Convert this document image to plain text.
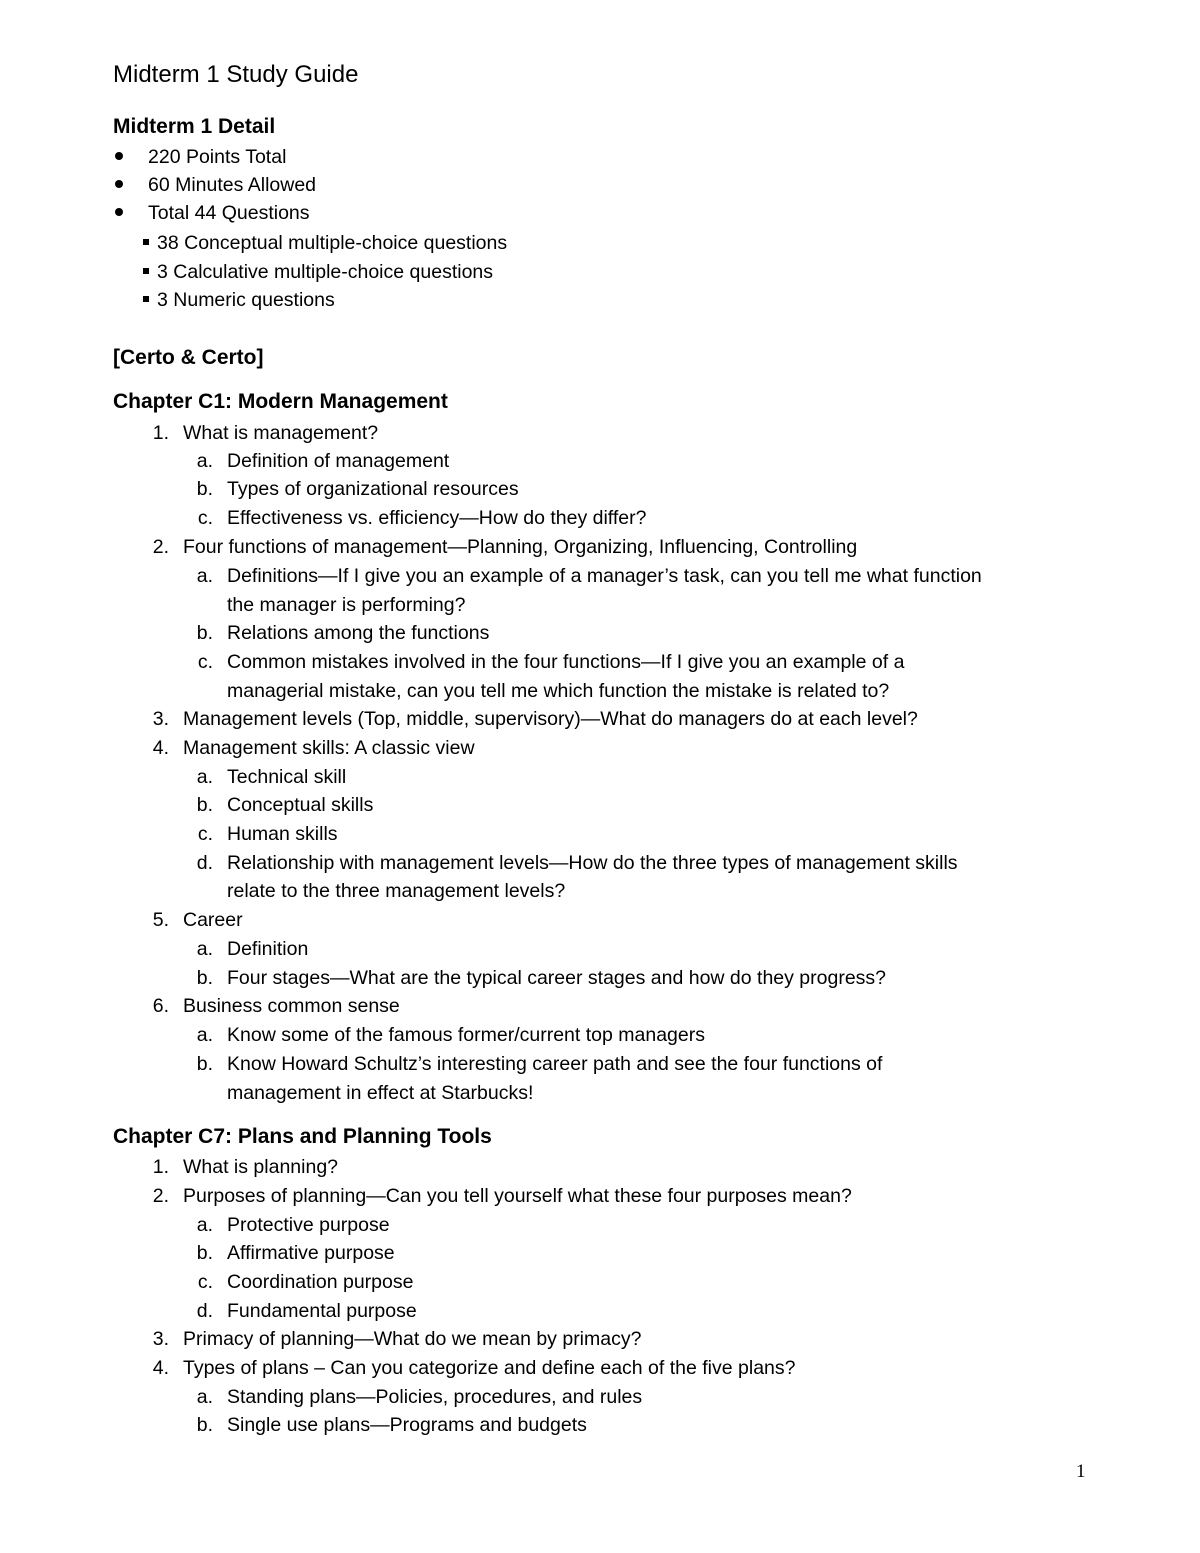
Midterm 1 Study Guide
Midterm 1 Detail
220 Points Total
60 Minutes Allowed
Total 44 Questions
38 Conceptual multiple-choice questions
3 Calculative multiple-choice questions
3 Numeric questions
[Certo & Certo]
Chapter C1: Modern Management
1. What is management?
a. Definition of management
b. Types of organizational resources
c. Effectiveness vs. efficiency—How do they differ?
2. Four functions of management—Planning, Organizing, Influencing, Controlling
a. Definitions—If I give you an example of a manager’s task, can you tell me what function
the manager is performing?
b. Relations among the functions
c. Common mistakes involved in the four functions—If I give you an example of a
managerial mistake, can you tell me which function the mistake is related to?
3. Management levels (Top, middle, supervisory)—What do managers do at each level?
4. Management skills: A classic view
a. Technical skill
b. Conceptual skills
c. Human skills
d. Relationship with management levels—How do the three types of management skills
relate to the three management levels?
5. Career
a. Definition
b. Four stages—What are the typical career stages and how do they progress?
6. Business common sense
a. Know some of the famous former/current top managers
b. Know Howard Schultz’s interesting career path and see the four functions of
management in effect at Starbucks!
Chapter C7: Plans and Planning Tools
1. What is planning?
2. Purposes of planning—Can you tell yourself what these four purposes mean?
a. Protective purpose
b. Affirmative purpose
c. Coordination purpose
d. Fundamental purpose
3. Primacy of planning—What do we mean by primacy?
4. Types of plans – Can you categorize and define each of the five plans?
a. Standing plans—Policies, procedures, and rules
b. Single use plans—Programs and budgets
1
